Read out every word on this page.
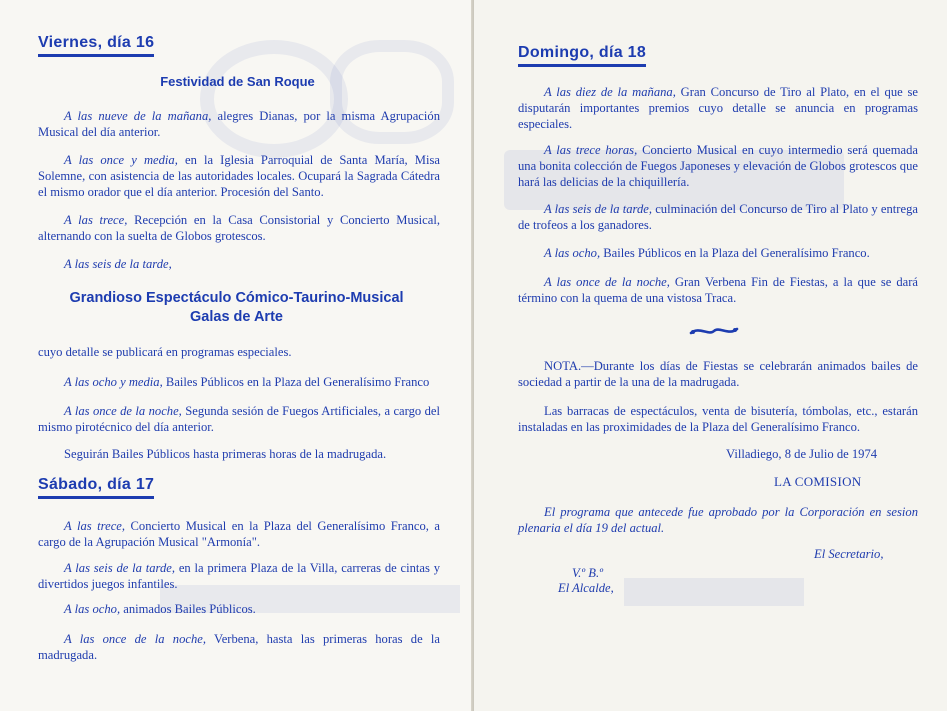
Viernes, día 16
Festividad de San Roque
A las nueve de la mañana, alegres Dianas, por la misma Agrupación Musical del día anterior.
A las once y media, en la Iglesia Parroquial de Santa María, Misa Solemne, con asistencia de las autoridades locales. Ocupará la Sagrada Cátedra el mismo orador que el día anterior. Procesión del Santo.
A las trece, Recepción en la Casa Consistorial y Concierto Musical, alternando con la suelta de Globos grotescos.
A las seis de la tarde,
Grandioso Espectáculo Cómico-Taurino-Musical
Galas de Arte
cuyo detalle se publicará en programas especiales.
A las ocho y media, Bailes Públicos en la Plaza del Generalísimo Franco
A las once de la noche, Segunda sesión de Fuegos Artificiales, a cargo del mismo pirotécnico del día anterior.
Seguirán Bailes Públicos hasta primeras horas de la madrugada.
Sábado, día 17
A las trece, Concierto Musical en la Plaza del Generalísimo Franco, a cargo de la Agrupación Musical "Armonía".
A las seis de la tarde, en la primera Plaza de la Villa, carreras de cintas y divertidos juegos infantiles.
A las ocho, animados Bailes Públicos.
A las once de la noche, Verbena, hasta las primeras horas de la madrugada.
Domingo, día 18
A las diez de la mañana, Gran Concurso de Tiro al Plato, en el que se disputarán importantes premios cuyo detalle se anuncia en programas especiales.
A las trece horas, Concierto Musical en cuyo intermedio será quemada una bonita colección de Fuegos Japoneses y elevación de Globos grotescos que hará las delicias de la chiquillería.
A las seis de la tarde, culminación del Concurso de Tiro al Plato y entrega de trofeos a los ganadores.
A las ocho, Bailes Públicos en la Plaza del Generalísimo Franco.
A las once de la noche, Gran Verbena Fin de Fiestas, a la que se dará término con la quema de una vistosa Traca.
NOTA.—Durante los días de Fiestas se celebrarán animados bailes de sociedad a partir de la una de la madrugada.
Las barracas de espectáculos, venta de bisutería, tómbolas, etc., estarán instaladas en las proximidades de la Plaza del Generalísimo Franco.
Villadiego, 8 de Julio de 1974
LA COMISION
El programa que antecede fue aprobado por la Corporación en sesion plenaria el día 19 del actual.
El Secretario,
V.º B.º
El Alcalde,
